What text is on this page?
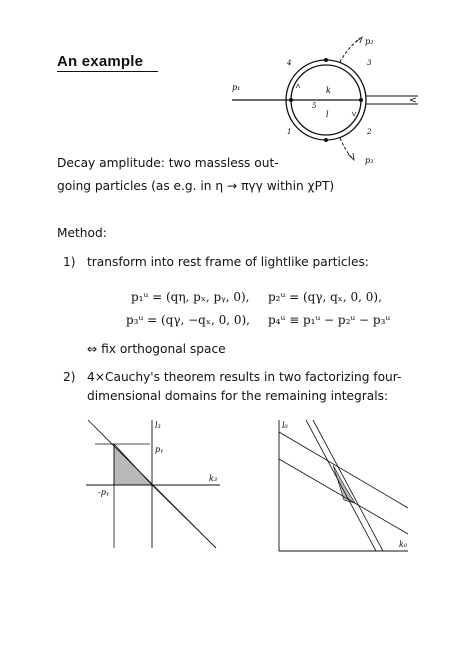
An example
p₁
p₂
p₃
4	3
1	2
5
k
l
Decay amplitude: two massless out-
going particles (as e.g. in η → πγγ within χPT)
Method:
1) transform into rest frame of lightlike particles:
p₁ᵘ = (qη, pₓ, pᵧ, 0), p₂ᵘ = (qγ, qₓ, 0, 0),
p₃ᵘ = (qγ, −qₓ, 0, 0), p₄ᵘ ≡ p₁ᵘ − p₂ᵘ − p₃ᵘ
⇔ fix orthogonal space
2) 4×Cauchy's theorem results in two factorizing four-
dimensional domains for the remaining integrals:
l₃
k₃
pᵧ
-pᵧ
l₀
k₀
